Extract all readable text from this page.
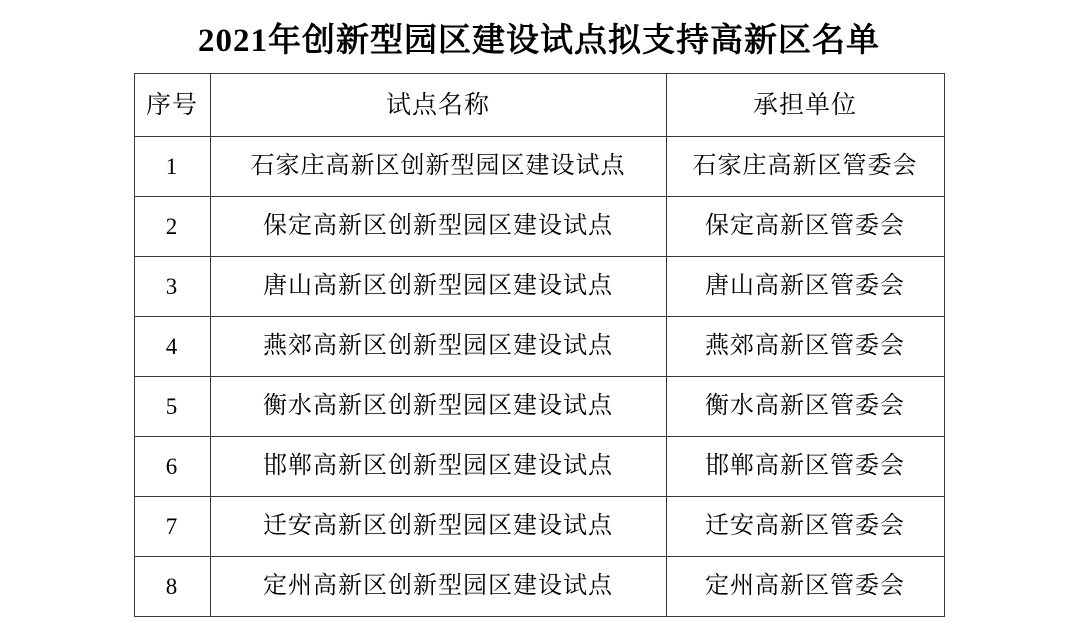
2021年创新型园区建设试点拟支持高新区名单
序号	试点名称	承担单位

1	石家庄高新区创新型园区建设试点	石家庄高新区管委会

2	保定高新区创新型园区建设试点	保定高新区管委会

3	唐山高新区创新型园区建设试点	唐山高新区管委会

4	燕郊高新区创新型园区建设试点	燕郊高新区管委会

5	衡水高新区创新型园区建设试点	衡水高新区管委会

6	邯郸高新区创新型园区建设试点	邯郸高新区管委会

7	迁安高新区创新型园区建设试点	迁安高新区管委会

8	定州高新区创新型园区建设试点	定州高新区管委会
